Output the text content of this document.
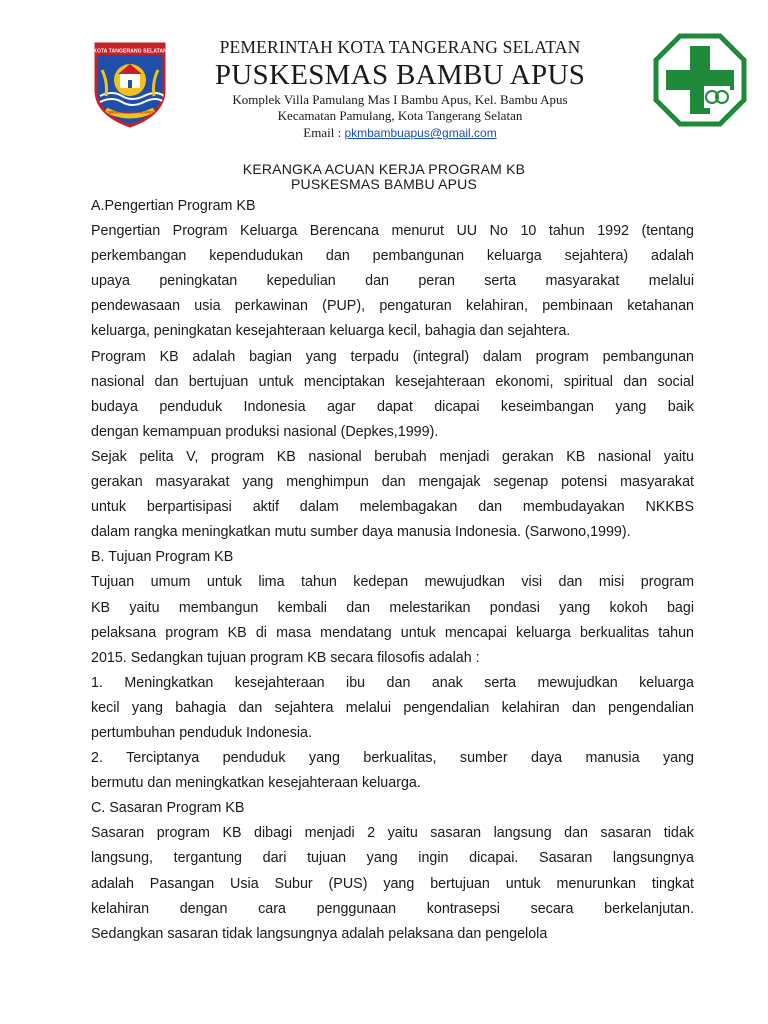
KOTA TANGERANG SELATAN
CERDAS MODERN RELIGIUS
PEMERINTAH KOTA TANGERANG SELATAN
PUSKESMAS BAMBU APUS
Komplek Villa Pamulang Mas I Bambu Apus, Kel. Bambu Apus
Kecamatan Pamulang, Kota Tangerang Selatan
Email : pkmbambuapus@gmail.com
KERANGKA ACUAN KERJA PROGRAM KB
PUSKESMAS BAMBU APUS
A.Pengertian Program KB
Pengertian Program Keluarga Berencana menurut UU No 10 tahun 1992 (tentang
perkembangan kependudukan dan pembangunan keluarga sejahtera) adalah
upaya peningkatan kepedulian dan peran serta masyarakat melalui
pendewasaan usia perkawinan (PUP), pengaturan kelahiran, pembinaan ketahanan
keluarga, peningkatan kesejahteraan keluarga kecil, bahagia dan sejahtera.
Program KB adalah bagian yang terpadu (integral) dalam program pembangunan
nasional dan bertujuan untuk menciptakan kesejahteraan ekonomi, spiritual dan social
budaya penduduk Indonesia agar dapat dicapai keseimbangan yang baik
dengan kemampuan produksi nasional (Depkes,1999).
Sejak pelita V, program KB nasional berubah menjadi gerakan KB nasional yaitu
gerakan masyarakat yang menghimpun dan mengajak segenap potensi masyarakat
untuk berpartisipasi aktif dalam melembagakan dan membudayakan NKKBS
dalam rangka meningkatkan mutu sumber daya manusia Indonesia. (Sarwono,1999).
B. Tujuan Program KB
Tujuan umum untuk lima tahun kedepan mewujudkan visi dan misi program
KB yaitu membangun kembali dan melestarikan pondasi yang kokoh bagi
pelaksana program KB di masa mendatang untuk mencapai keluarga berkualitas tahun
2015. Sedangkan tujuan program KB secara filosofis adalah :
1. Meningkatkan kesejahteraan ibu dan anak serta mewujudkan keluarga
kecil yang bahagia dan sejahtera melalui pengendalian kelahiran dan pengendalian
pertumbuhan penduduk Indonesia.
2. Terciptanya penduduk yang berkualitas, sumber daya manusia yang
bermutu dan meningkatkan kesejahteraan keluarga.
C. Sasaran Program KB
Sasaran program KB dibagi menjadi 2 yaitu sasaran langsung dan sasaran tidak
langsung, tergantung dari tujuan yang ingin dicapai. Sasaran langsungnya
adalah Pasangan Usia Subur (PUS) yang bertujuan untuk menurunkan tingkat
kelahiran dengan cara penggunaan kontrasepsi secara berkelanjutan.
Sedangkan sasaran tidak langsungnya adalah pelaksana dan pengelola
